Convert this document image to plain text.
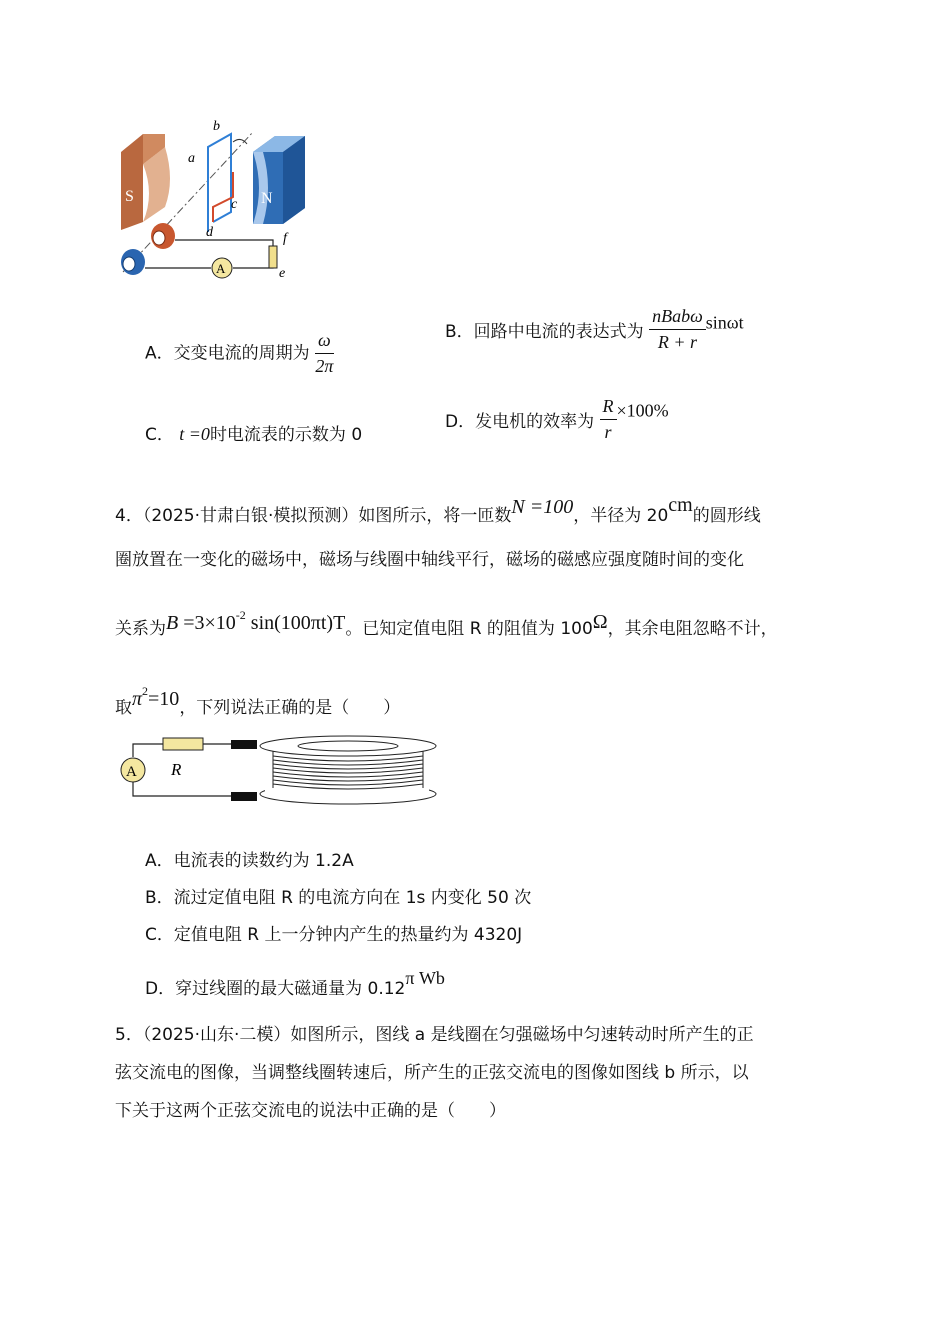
S	N
a
b
c
d
A
f
e
A．交变电流的周期为 $\frac{\omega}{2\pi}$	B．回路中电流的表达式为 $\frac{\text{nBabω}}{R + r}$ sinωt
C． t =0时电流表的示数为 0
D．发电机的效率为 $\frac{R}{r} \times 100\%$
4．（2025·甘肃白银·模拟预测）如图所示，将一匝数N =100，半径为 20cm的圆形线
圈放置在一变化的磁场中，磁场与线圈中轴线平行，磁场的磁感应强度随时间的变化
关系为$B =3\times 10^{-2}$ sin(100πt)T。已知定值电阻 R 的阻值为 100Ω，其余电阻忽略不计，
取$\pi^2=10$，下列说法正确的是（　　）
R
A
A．电流表的读数约为 1.2A
B．流过定值电阻 R 的电流方向在 1s 内变化 50 次
C．定值电阻 R 上一分钟内产生的热量约为 4320J
D．穿过线圈的最大磁通量为 0.12π Wb
5．（2025·山东·二模）如图所示，图线 a 是线圈在匀强磁场中匀速转动时所产生的正
弦交流电的图像，当调整线圈转速后，所产生的正弦交流电的图像如图线 b 所示，以
下关于这两个正弦交流电的说法中正确的是（　　）
